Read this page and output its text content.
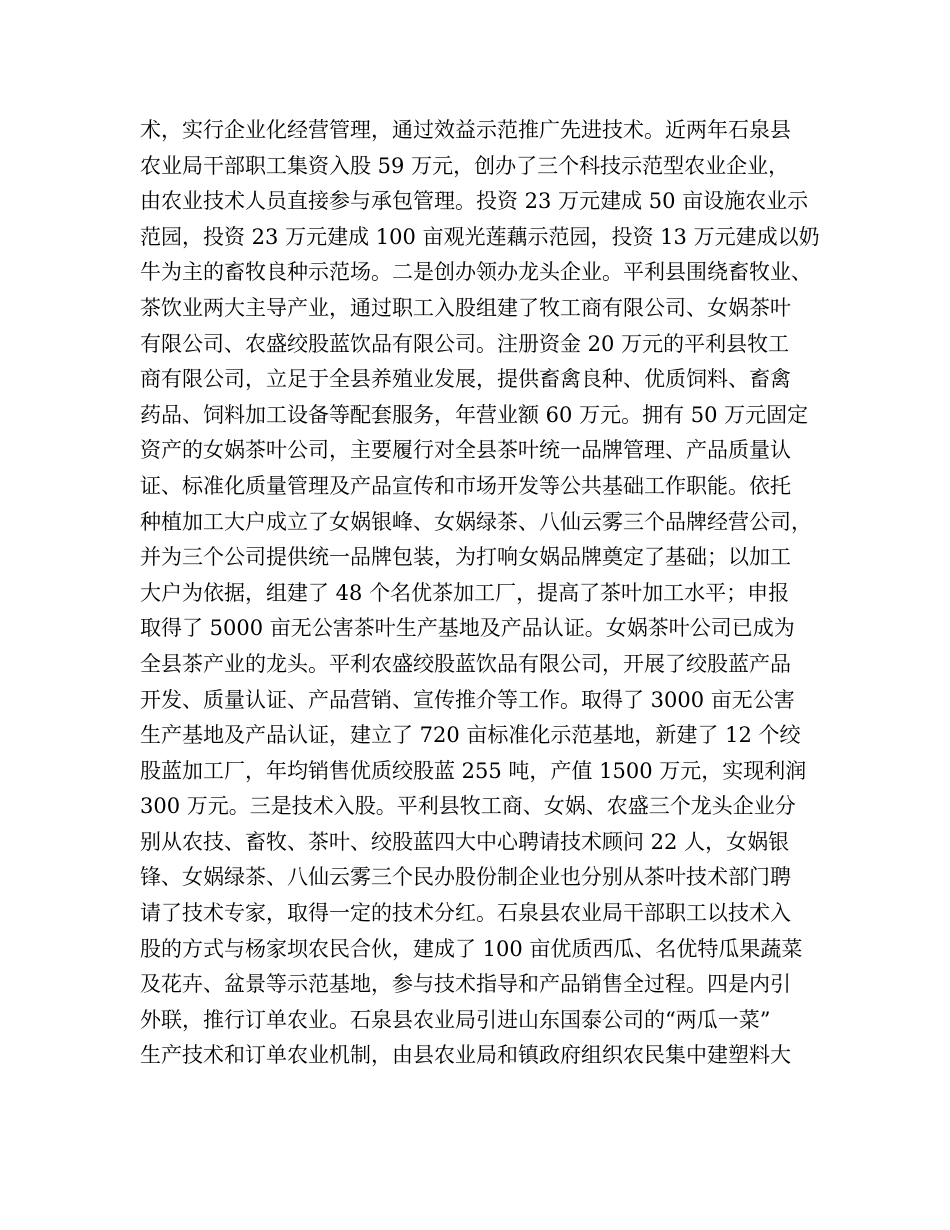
术，实行企业化经营管理，通过效益示范推广先进技术。近两年石泉县
农业局干部职工集资入股 59 万元，创办了三个科技示范型农业企业，
由农业技术人员直接参与承包管理。投资 23 万元建成 50 亩设施农业示
范园，投资 23 万元建成 100 亩观光莲藕示范园，投资 13 万元建成以奶
牛为主的畜牧良种示范场。二是创办领办龙头企业。平利县围绕畜牧业、
茶饮业两大主导产业，通过职工入股组建了牧工商有限公司、女娲茶叶
有限公司、农盛绞股蓝饮品有限公司。注册资金 20 万元的平利县牧工
商有限公司，立足于全县养殖业发展，提供畜禽良种、优质饲料、畜禽
药品、饲料加工设备等配套服务，年营业额 60 万元。拥有 50 万元固定
资产的女娲茶叶公司，主要履行对全县茶叶统一品牌管理、产品质量认
证、标准化质量管理及产品宣传和市场开发等公共基础工作职能。依托
种植加工大户成立了女娲银峰、女娲绿茶、八仙云雾三个品牌经营公司，
并为三个公司提供统一品牌包装，为打响女娲品牌奠定了基础；以加工
大户为依据，组建了 48 个名优茶加工厂，提高了茶叶加工水平；申报
取得了 5000 亩无公害茶叶生产基地及产品认证。女娲茶叶公司已成为
全县茶产业的龙头。平利农盛绞股蓝饮品有限公司，开展了绞股蓝产品
开发、质量认证、产品营销、宣传推介等工作。取得了 3000 亩无公害
生产基地及产品认证，建立了 720 亩标准化示范基地，新建了 12 个绞
股蓝加工厂，年均销售优质绞股蓝 255 吨，产值 1500 万元，实现利润
300 万元。三是技术入股。平利县牧工商、女娲、农盛三个龙头企业分
别从农技、畜牧、茶叶、绞股蓝四大中心聘请技术顾问 22 人，女娲银
锋、女娲绿茶、八仙云雾三个民办股份制企业也分别从茶叶技术部门聘
请了技术专家，取得一定的技术分红。石泉县农业局干部职工以技术入
股的方式与杨家坝农民合伙，建成了 100 亩优质西瓜、名优特瓜果蔬菜
及花卉、盆景等示范基地，参与技术指导和产品销售全过程。四是内引
外联，推行订单农业。石泉县农业局引进山东国泰公司的“两瓜一菜”
生产技术和订单农业机制，由县农业局和镇政府组织农民集中建塑料大
